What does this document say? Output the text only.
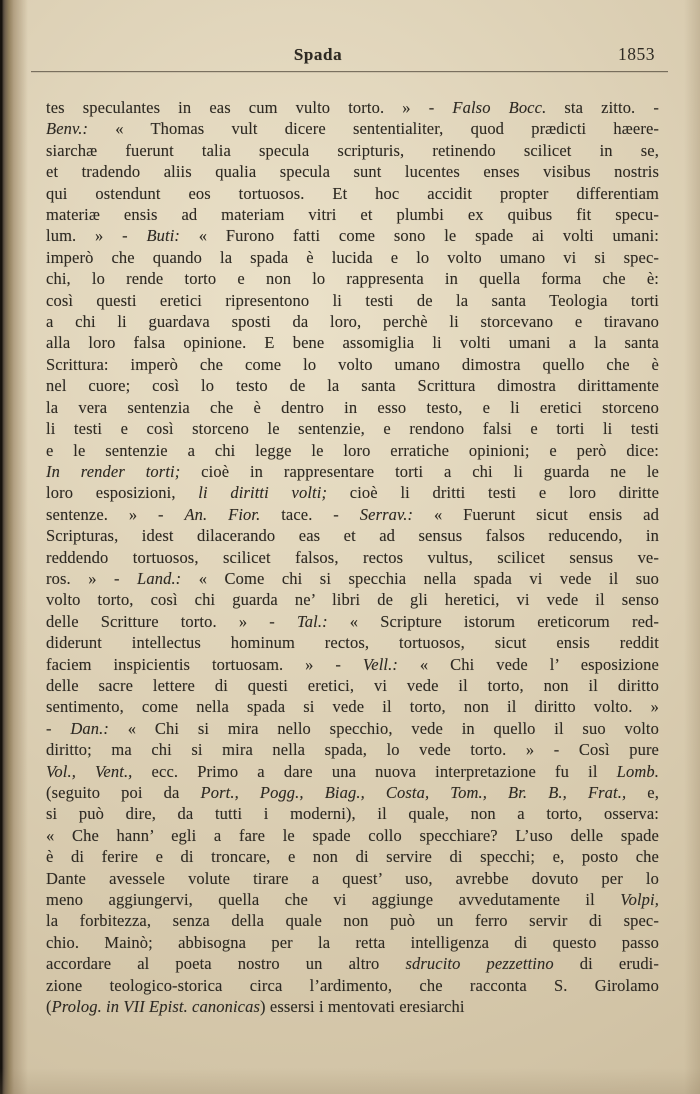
Spada	1853
tes speculantes in eas cum vulto torto. » - Falso Bocc. sta zitto. -
Benv.: « Thomas vult dicere sententialiter, quod prædicti hæere-
siarchæ fuerunt talia specula scripturis, retinendo scilicet in se,
et tradendo aliis qualia specula sunt lucentes enses visibus nostris
qui ostendunt eos tortuosos. Et hoc accidit propter differentiam
materiæ ensis ad materiam vitri et plumbi ex quibus fit specu-
lum. » - Buti: « Furono fatti come sono le spade ai volti umani:
imperò che quando la spada è lucida e lo volto umano vi si spec-
chi, lo rende torto e non lo rappresenta in quella forma che è:
così questi eretici ripresentono li testi de la santa Teologia torti
a chi li guardava sposti da loro, perchè li storcevano e tiravano
alla loro falsa opinione. E bene assomiglia li volti umani a la santa
Scrittura: imperò che come lo volto umano dimostra quello che è
nel cuore; così lo testo de la santa Scrittura dimostra dirittamente
la vera sentenzia che è dentro in esso testo, e li eretici storceno
li testi e così storceno le sentenzie, e rendono falsi e torti li testi
e le sentenzie a chi legge le loro erratiche opinioni; e però dice:
In render torti; cioè in rappresentare torti a chi li guarda ne le
loro esposizioni, li diritti volti; cioè li dritti testi e loro diritte
sentenze. » - An. Fior. tace. - Serrav.: « Fuerunt sicut ensis ad
Scripturas, idest dilacerando eas et ad sensus falsos reducendo, in
reddendo tortuosos, scilicet falsos, rectos vultus, scilicet sensus ve-
ros. » - Land.: « Come chi si specchia nella spada vi vede il suo
volto torto, così chi guarda ne’ libri de gli heretici, vi vede il senso
delle Scritture torto. » - Tal.: « Scripture istorum ereticorum red-
diderunt intellectus hominum rectos, tortuosos, sicut ensis reddit
faciem inspicientis tortuosam. » - Vell.: « Chi vede l’ esposizione
delle sacre lettere di questi eretici, vi vede il torto, non il diritto
sentimento, come nella spada si vede il torto, non il diritto volto. »
- Dan.: « Chi si mira nello specchio, vede in quello il suo volto
diritto; ma chi si mira nella spada, lo vede torto. » - Così pure
Vol., Vent., ecc. Primo a dare una nuova interpretazione fu il Lomb.
(seguito poi da Port., Pogg., Biag., Costa, Tom., Br. B., Frat., e,
si può dire, da tutti i moderni), il quale, non a torto, osserva:
« Che hann’ egli a fare le spade collo specchiare? L’uso delle spade
è di ferire e di troncare, e non di servire di specchi; e, posto che
Dante avessele volute tirare a quest’ uso, avrebbe dovuto per lo
meno aggiungervi, quella che vi aggiunge avvedutamente il Volpi,
la forbitezza, senza della quale non può un ferro servir di spec-
chio. Mainò; abbisogna per la retta intelligenza di questo passo
accordare al poeta nostro un altro sdrucito pezzettino di erudi-
zione teologico-storica circa l’ardimento, che racconta S. Girolamo
(Prolog. in VII Epist. canonicas) essersi i mentovati eresiarchi
